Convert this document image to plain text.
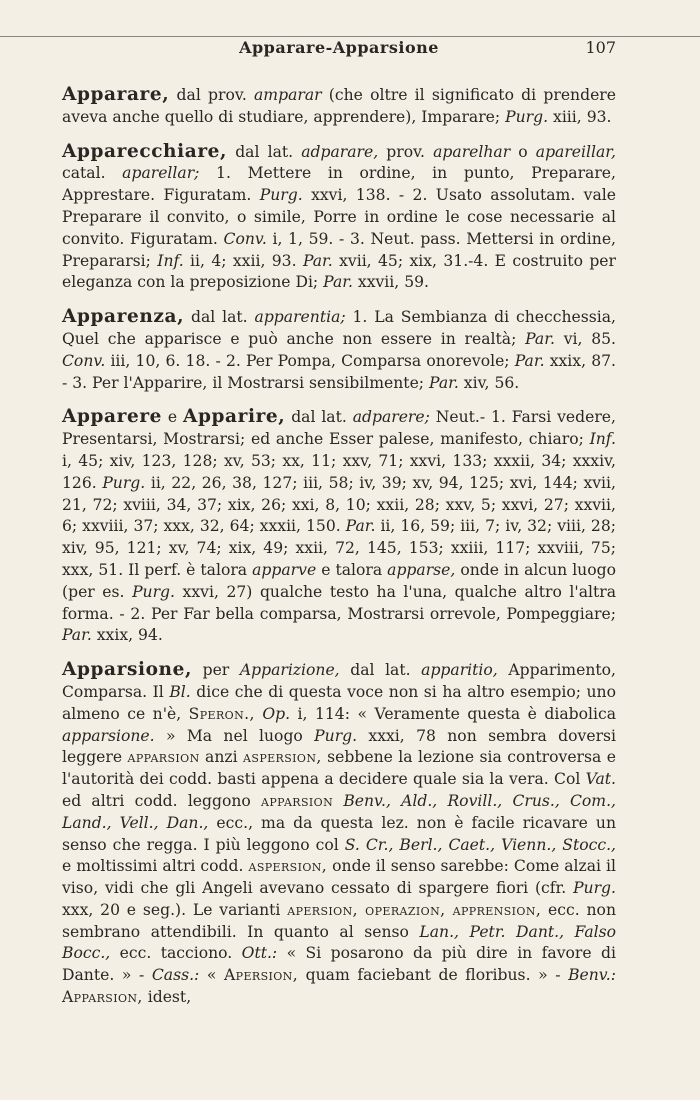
Apparare-Apparsione	107

Apparare, dal prov. amparar (che oltre il significato di prendere aveva anche quello di studiare, apprendere), Imparare; Purg. xiii, 93.

Apparecchiare, dal lat. adparare, prov. aparelhar o apareillar, catal. aparellar; 1. Mettere in ordine, in punto, Preparare, Apprestare. Figuratam. Purg. xxvi, 138. - 2. Usato assolutam. vale Preparare il convito, o simile, Porre in ordine le cose necessarie al convito. Figuratam. Conv. i, 1, 59. - 3. Neut. pass. Mettersi in ordine, Prepararsi; Inf. ii, 4; xxii, 93. Par. xvii, 45; xix, 31.-4. E costruito per eleganza con la preposizione Di; Par. xxvii, 59.

Apparenza, dal lat. apparentia; 1. La Sembianza di checchessia, Quel che apparisce e può anche non essere in realtà; Par. vi, 85. Conv. iii, 10, 6. 18. - 2. Per Pompa, Comparsa onorevole; Par. xxix, 87. - 3. Per l'Apparire, il Mostrarsi sensibilmente; Par. xiv, 56.

Apparere e Apparire, dal lat. adparere; Neut.- 1. Farsi vedere, Presentarsi, Mostrarsi; ed anche Esser palese, manifesto, chiaro; Inf. i, 45; xiv, 123, 128; xv, 53; xx, 11; xxv, 71; xxvi, 133; xxxii, 34; xxxiv, 126. Purg. ii, 22, 26, 38, 127; iii, 58; iv, 39; xv, 94, 125; xvi, 144; xvii, 21, 72; xviii, 34, 37; xix, 26; xxi, 8, 10; xxii, 28; xxv, 5; xxvi, 27; xxvii, 6; xxviii, 37; xxx, 32, 64; xxxii, 150. Par. ii, 16, 59; iii, 7; iv, 32; viii, 28; xiv, 95, 121; xv, 74; xix, 49; xxii, 72, 145, 153; xxiii, 117; xxviii, 75; xxx, 51. Il perf. è talora apparve e talora apparse, onde in alcun luogo (per es. Purg. xxvi, 27) qualche testo ha l'una, qualche altro l'altra forma. - 2. Per Far bella comparsa, Mostrarsi orrevole, Pompeggiare; Par. xxix, 94.

Apparsione, per Apparizione, dal lat. apparitio, Apparimento, Comparsa. Il Bl. dice che di questa voce non si ha altro esempio; uno almeno ce n'è, Speron., Op. i, 114: « Veramente questa è diabolica apparsione. » Ma nel luogo Purg. xxxi, 78 non sembra doversi leggere apparsion anzi aspersion, sebbene la lezione sia controversa e l'autorità dei codd. basti appena a decidere quale sia la vera. Col Vat. ed altri codd. leggono apparsion Benv., Ald., Rovill., Crus., Com., Land., Vell., Dan., ecc., ma da questa lez. non è facile ricavare un senso che regga. I più leggono col S. Cr., Berl., Caet., Vienn., Stocc., e moltissimi altri codd. aspersion, onde il senso sarebbe: Come alzai il viso, vidi che gli Angeli avevano cessato di spargere fiori (cfr. Purg. xxx, 20 e seg.). Le varianti apersion, operazion, apprension, ecc. non sembrano attendibili. In quanto al senso Lan., Petr. Dant., Falso Bocc., ecc. tacciono. Ott.: « Si posarono da più dire in favore di Dante. » - Cass.: « Apersion, quam faciebant de floribus. » - Benv.: Apparsion, idest,
